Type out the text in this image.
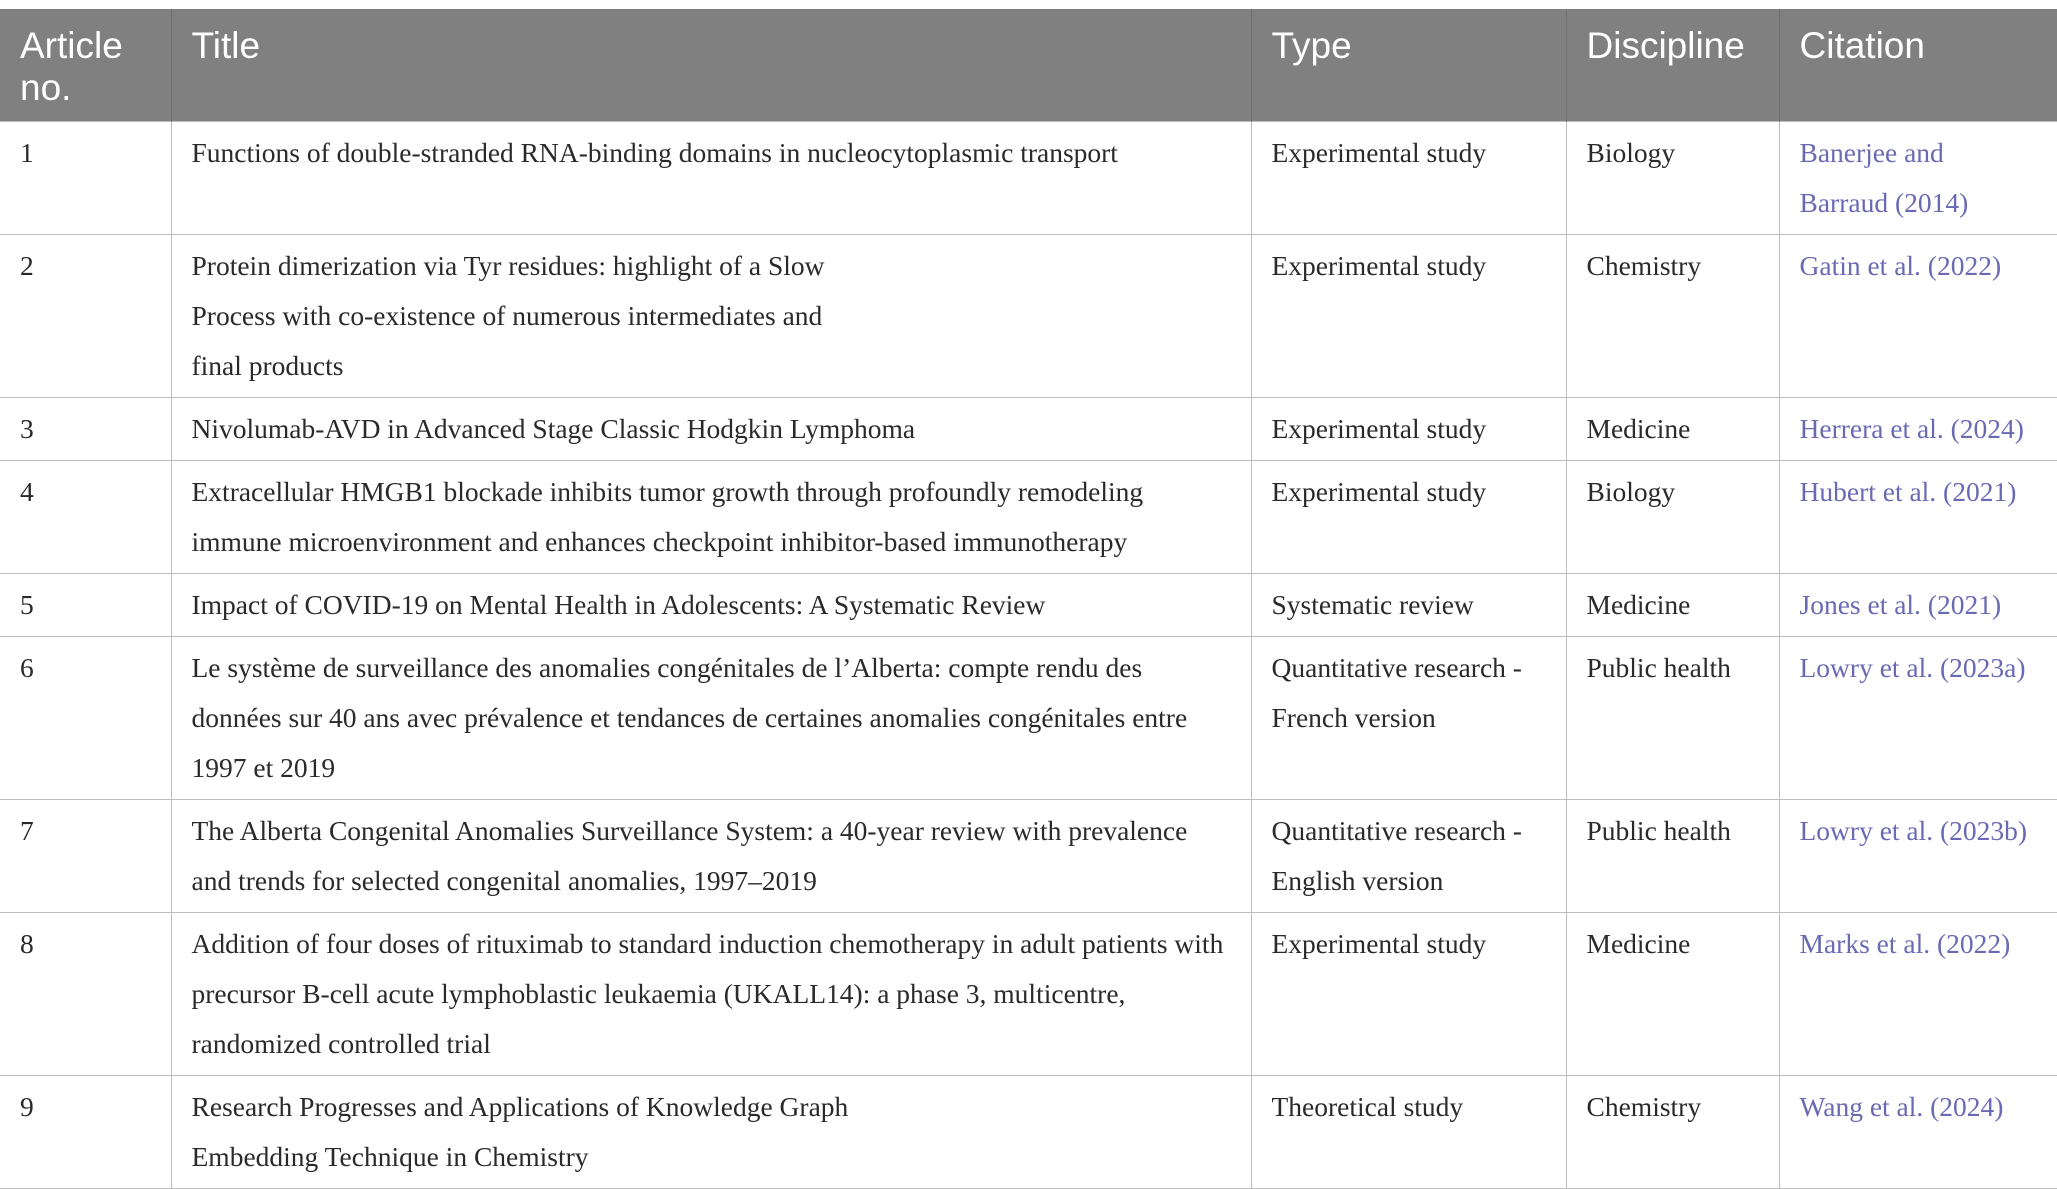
Article
no.	Title	Type	Discipline	Citation
1	Functions of double-stranded RNA-binding domains in nucleocytoplasmic transport	Experimental study	Biology	Banerjee and Barraud (2014)
2	Protein dimerization via Tyr residues: highlight of a Slow
Process with co-existence of numerous intermediates and
final products	Experimental study	Chemistry	Gatin et al. (2022)
3	Nivolumab-AVD in Advanced Stage Classic Hodgkin Lymphoma	Experimental study	Medicine	Herrera et al. (2024)
4	Extracellular HMGB1 blockade inhibits tumor growth through profoundly remodeling immune microenvironment and enhances checkpoint inhibitor-based immunotherapy	Experimental study	Biology	Hubert et al. (2021)
5	Impact of COVID-19 on Mental Health in Adolescents: A Systematic Review	Systematic review	Medicine	Jones et al. (2021)
6	Le système de surveillance des anomalies congénitales de l’Alberta: compte rendu des données sur 40 ans avec prévalence et tendances de certaines anomalies congénitales entre 1997 et 2019	Quantitative research - French version	Public health	Lowry et al. (2023a)
7	The Alberta Congenital Anomalies Surveillance System: a 40-year review with prevalence and trends for selected congenital anomalies, 1997–2019	Quantitative research - English version	Public health	Lowry et al. (2023b)
8	Addition of four doses of rituximab to standard induction chemotherapy in adult patients with precursor B-cell acute lymphoblastic leukaemia (UKALL14): a phase 3, multicentre, randomized controlled trial	Experimental study	Medicine	Marks et al. (2022)
9	Research Progresses and Applications of Knowledge Graph
Embedding Technique in Chemistry	Theoretical study	Chemistry	Wang et al. (2024)
